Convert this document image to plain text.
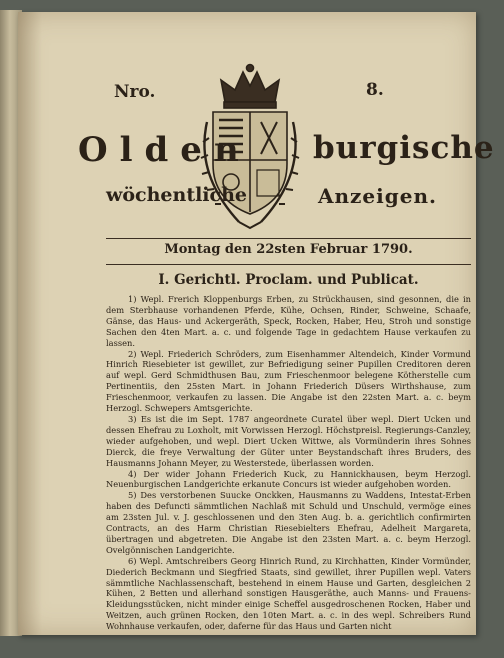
Nro.	8.
Olden burgische
wöchentliche	Anzeigen.
Montag den 22sten Februar 1790.
I. Gerichtl. Proclam. und Publicat.

1) Wepl. Frerich Kloppenburgs Erben, zu Strückhausen, sind gesonnen, die in dem Sterbhause vorhandenen Pferde, Kühe, Ochsen, Rinder, Schweine, Schaafe, Gänse, das Haus- und Ackergeräth, Speck, Rocken, Haber, Heu, Stroh und sonstige Sachen den 4ten Mart. a. c. und folgende Tage in gedachtem Hause verkaufen zu lassen.

2) Wepl. Friederich Schröders, zum Eisenhammer Altendeich, Kinder Vormund Hinrich Riesebieter ist gewillet, zur Befriedigung seiner Pupillen Creditoren deren auf wepl. Gerd Schmidthusen Bau, zum Frieschenmoor belegene Kötherstelle cum Pertinentiis, den 25sten Mart. in Johann Friederich Düsers Wirthshause, zum Frieschenmoor, verkaufen zu lassen. Die Angabe ist den 22sten Mart. a. c. beym Herzogl. Schwepers Amtsgerichte.

3) Es ist die im Sept. 1787 angeordnete Curatel über wepl. Diert Ucken und dessen Ehefrau zu Loxholt, mit Vorwissen Herzogl. Höchstpreisl. Regierungs-Canzley, wieder aufgehoben, und wepl. Diert Ucken Wittwe, als Vormünderin ihres Sohnes Dierck, die freye Verwaltung der Güter unter Beystandschaft ihres Bruders, des Hausmanns Johann Meyer, zu Westerstede, überlassen worden.

4) Der wider Johann Friederich Kuck, zu Hannickhausen, beym Herzogl. Neuenburgischen Landgerichte erkanute Concurs ist wieder aufgehoben worden.

5) Des verstorbenen Suucke Onckken, Hausmanns zu Waddens, Intestat-Erben haben des Defuncti sämmtlichen Nachlaß mit Schuld und Unschuld, vermöge eines am 23sten Jul. v. J. geschlossenen und den 3ten Aug. b. a. gerichtlich confirmirten Contracts, an des Harm Christian Riesebielters Ehefrau, Adelheit Margareta, übertragen und abgetreten. Die Angabe ist den 23sten Mart. a. c. beym Herzogl. Ovelgönnischen Landgerichte.

6) Wepl. Amtschreibers Georg Hinrich Rund, zu Kirchhatten, Kinder Vormünder, Diederich Beckmann und Siegfried Staats, sind gewillet, ihrer Pupillen wepl. Vaters sämmtliche Nachlassenschaft, bestehend in einem Hause und Garten, desgleichen 2 Kühen, 2 Betten und allerhand sonstigen Hausgeräthe, auch Manns- und Frauens-Kleidungsstücken, nicht minder einige Scheffel ausgedroschenen Rocken, Haber und Weitzen, auch grünen Rocken, den 10ten Mart. a. c. in des wepl. Schreibers Rund Wohnhause verkaufen, oder, daferne für das Haus und Garten nicht
